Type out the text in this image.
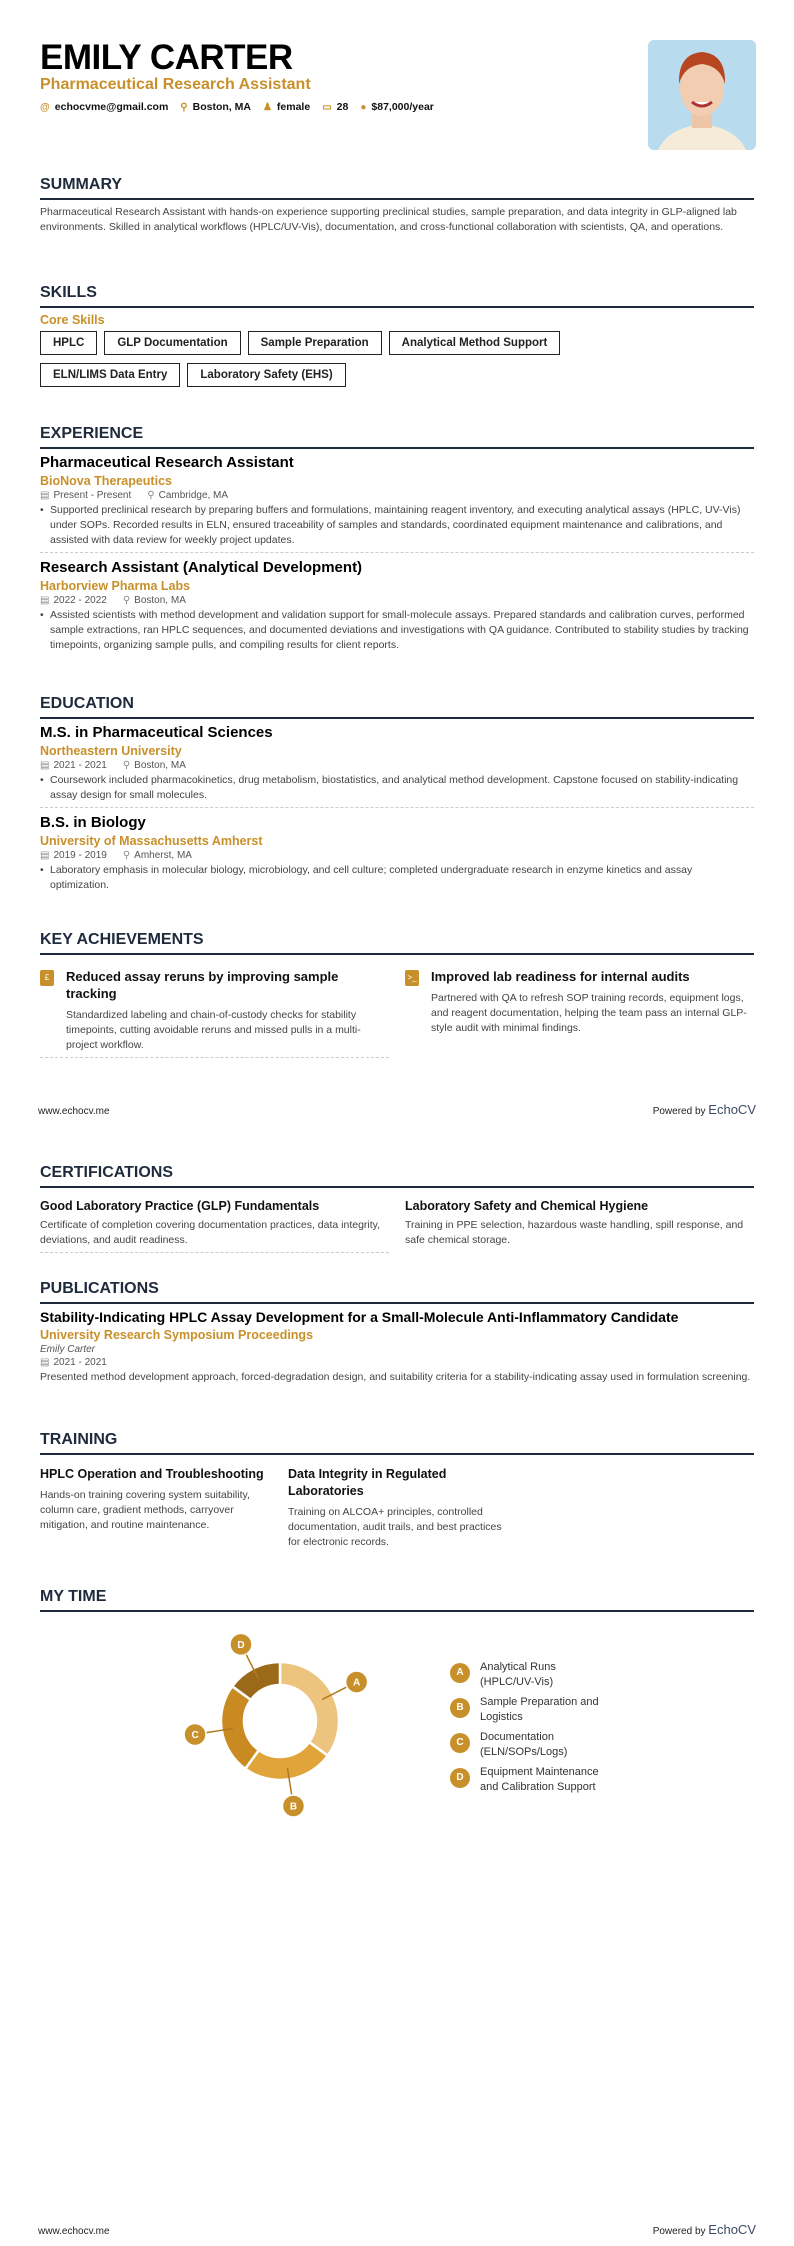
EMILY CARTER
Pharmaceutical Research Assistant
@ echocvme@gmail.com ⚲ Boston, MA ♟ female ▭ 28 ● $87,000/year
SUMMARY
Pharmaceutical Research Assistant with hands-on experience supporting preclinical studies, sample preparation, and data integrity in GLP-aligned lab environments. Skilled in analytical workflows (HPLC/UV-Vis), documentation, and cross-functional collaboration with scientists, QA, and operations.
SKILLS
Core Skills
HPLC	GLP Documentation	Sample Preparation	Analytical Method Support
ELN/LIMS Data Entry	Laboratory Safety (EHS)
EXPERIENCE
Pharmaceutical Research Assistant
BioNova Therapeutics
▤ Present - Present ⚲ Cambridge, MA
• Supported preclinical research by preparing buffers and formulations, maintaining reagent inventory, and executing analytical assays (HPLC, UV-Vis) under SOPs. Recorded results in ELN, ensured traceability of samples and standards, coordinated equipment maintenance and calibrations, and assisted with data review for weekly project updates.
Research Assistant (Analytical Development)
Harborview Pharma Labs
▤ 2022 - 2022 ⚲ Boston, MA
• Assisted scientists with method development and validation support for small-molecule assays. Prepared standards and calibration curves, performed sample extractions, ran HPLC sequences, and documented deviations and investigations with QA guidance. Contributed to stability studies by tracking timepoints, organizing sample pulls, and compiling results for client reports.
EDUCATION
M.S. in Pharmaceutical Sciences
Northeastern University
▤ 2021 - 2021 ⚲ Boston, MA
• Coursework included pharmacokinetics, drug metabolism, biostatistics, and analytical method development. Capstone focused on stability-indicating assay design for small molecules.
B.S. in Biology
University of Massachusetts Amherst
▤ 2019 - 2019 ⚲ Amherst, MA
• Laboratory emphasis in molecular biology, microbiology, and cell culture; completed undergraduate research in enzyme kinetics and assay optimization.
KEY ACHIEVEMENTS
£	Reduced assay reruns by improving sample tracking
Standardized labeling and chain-of-custody checks for stability timepoints, cutting avoidable reruns and missed pulls in a multi-project workflow.
>_ Improved lab readiness for internal audits
Partnered with QA to refresh SOP training records, equipment logs, and reagent documentation, helping the team pass an internal GLP-style audit with minimal findings.
www.echocv.me	Powered by EchoCV
CERTIFICATIONS
Good Laboratory Practice (GLP) Fundamentals
Certificate of completion covering documentation practices, data integrity, deviations, and audit readiness.
Laboratory Safety and Chemical Hygiene
Training in PPE selection, hazardous waste handling, spill response, and safe chemical storage.
PUBLICATIONS
Stability-Indicating HPLC Assay Development for a Small-Molecule Anti-Inflammatory Candidate
University Research Symposium Proceedings
Emily Carter
▤ 2021 - 2021
Presented method development approach, forced-degradation design, and suitability criteria for a stability-indicating assay used in formulation screening.
TRAINING
HPLC Operation and Troubleshooting
Hands-on training covering system suitability, column care, gradient methods, carryover mitigation, and routine maintenance.
Data Integrity in Regulated Laboratories
Training on ALCOA+ principles, controlled documentation, audit trails, and best practices for electronic records.
MY TIME
A
B
C
D
A	Analytical Runs (HPLC/UV-Vis)
B	Sample Preparation and Logistics
C	Documentation (ELN/SOPs/Logs)
D	Equipment Maintenance and Calibration Support
www.echocv.me	Powered by EchoCV
